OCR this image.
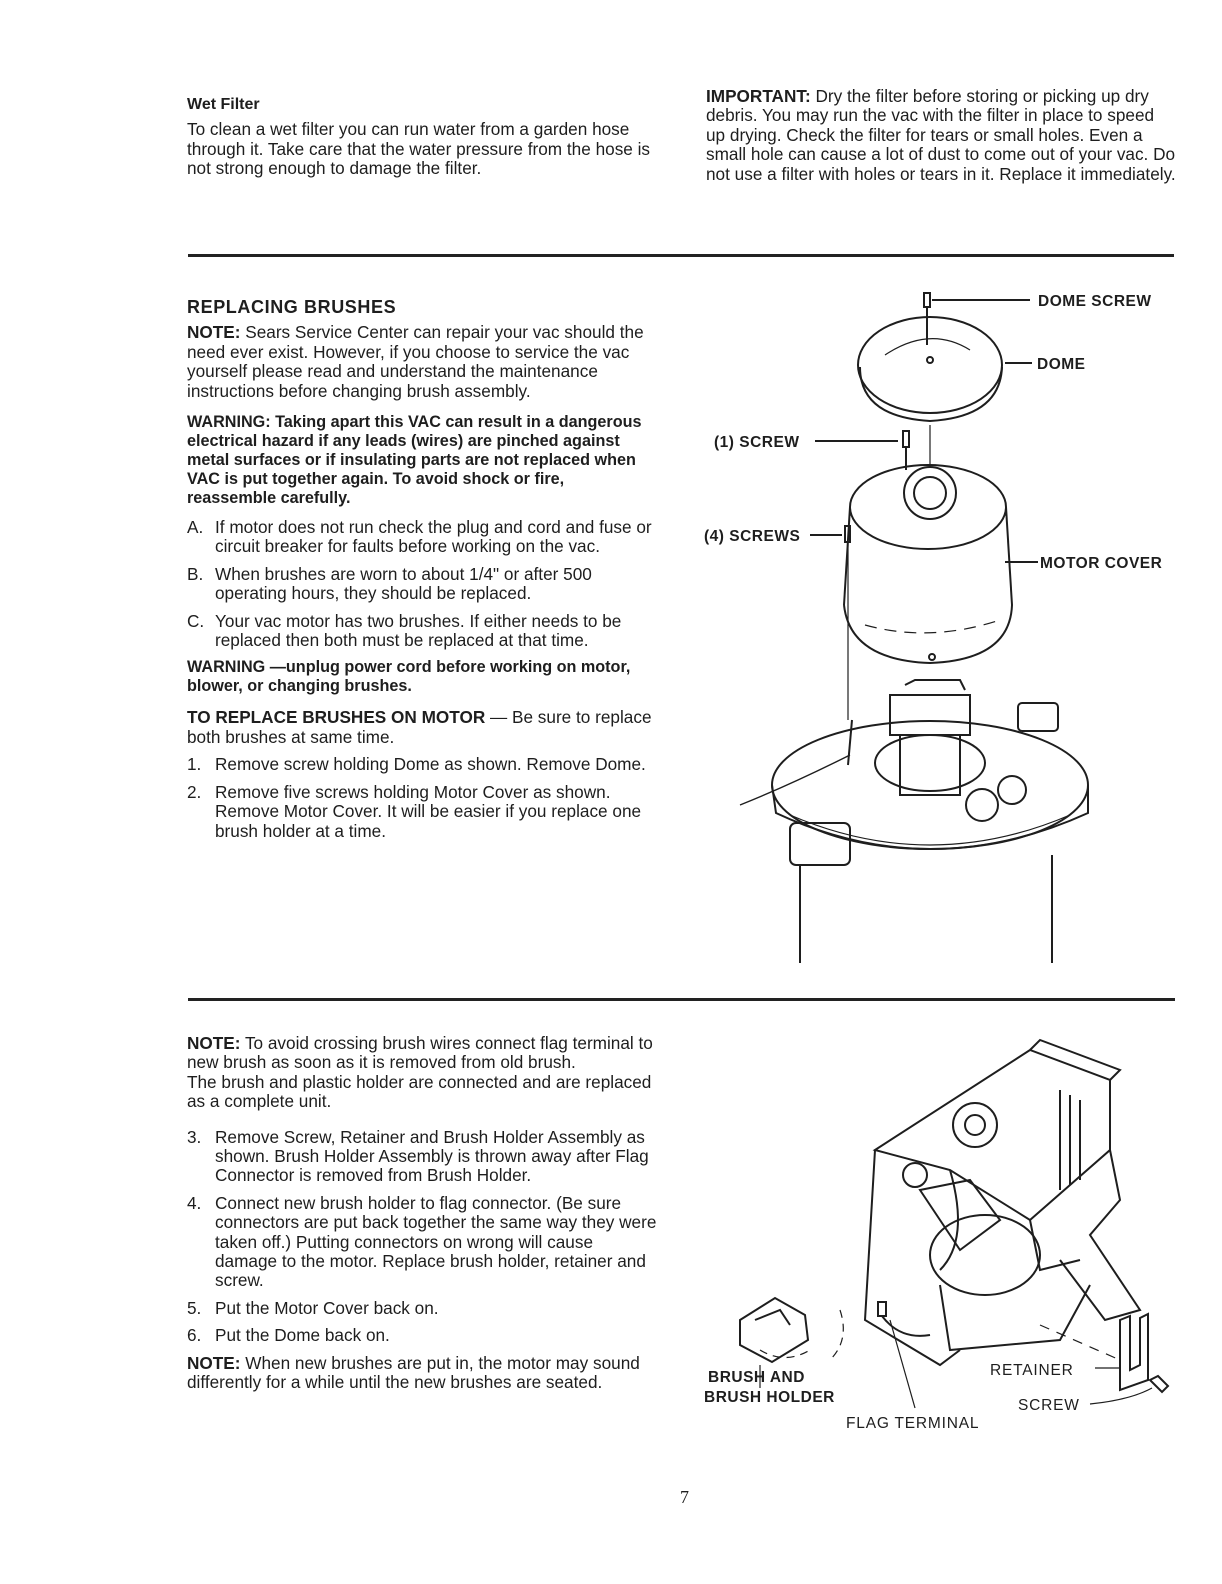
Wet Filter

To clean a wet filter you can run water from a garden hose through it. Take care that the water pressure from the hose is not strong enough to damage the filter.

IMPORTANT: Dry the filter before storing or picking up dry debris. You may run the vac with the filter in place to speed up drying. Check the filter for tears or small holes. Even a small hole can cause a lot of dust to come out of your vac. Do not use a filter with holes or tears in it. Replace it immediately.

REPLACING BRUSHES

NOTE: Sears Service Center can repair your vac should the need ever exist. However, if you choose to service the vac yourself please read and understand the maintenance instructions before changing brush assembly.

WARNING: Taking apart this VAC can result in a dangerous electrical hazard if any leads (wires) are pinched against metal surfaces or if insulating parts are not replaced when VAC is put together again. To avoid shock or fire, reassemble carefully.

A. If motor does not run check the plug and cord and fuse or circuit breaker for faults before working on the vac.
B. When brushes are worn to about 1/4" or after 500 operating hours, they should be replaced.
C. Your vac motor has two brushes. If either needs to be replaced then both must be replaced at that time.

WARNING —unplug power cord before working on motor, blower, or changing brushes.

TO REPLACE BRUSHES ON MOTOR — Be sure to replace both brushes at same time.

1. Remove screw holding Dome as shown. Remove Dome.
2. Remove five screws holding Motor Cover as shown. Remove Motor Cover. It will be easier if you replace one brush holder at a time.
DOME SCREW
DOME
(1) SCREW
(4) SCREWS
MOTOR COVER

NOTE: To avoid crossing brush wires connect flag terminal to new brush as soon as it is removed from old brush.

The brush and plastic holder are connected and are replaced as a complete unit.

3. Remove Screw, Retainer and Brush Holder Assembly as shown. Brush Holder Assembly is thrown away after Flag Connector is removed from Brush Holder.
4. Connect new brush holder to flag connector. (Be sure connectors are put back together the same way they were taken off.) Putting connectors on wrong will cause damage to the motor. Replace brush holder, retainer and screw.
5. Put the Motor Cover back on.
6. Put the Dome back on.

NOTE: When new brushes are put in, the motor may sound differently for a while until the new brushes are seated.	BRUSH AND
BRUSH HOLDER
RETAINER
SCREW
FLAG TERMINAL
7
